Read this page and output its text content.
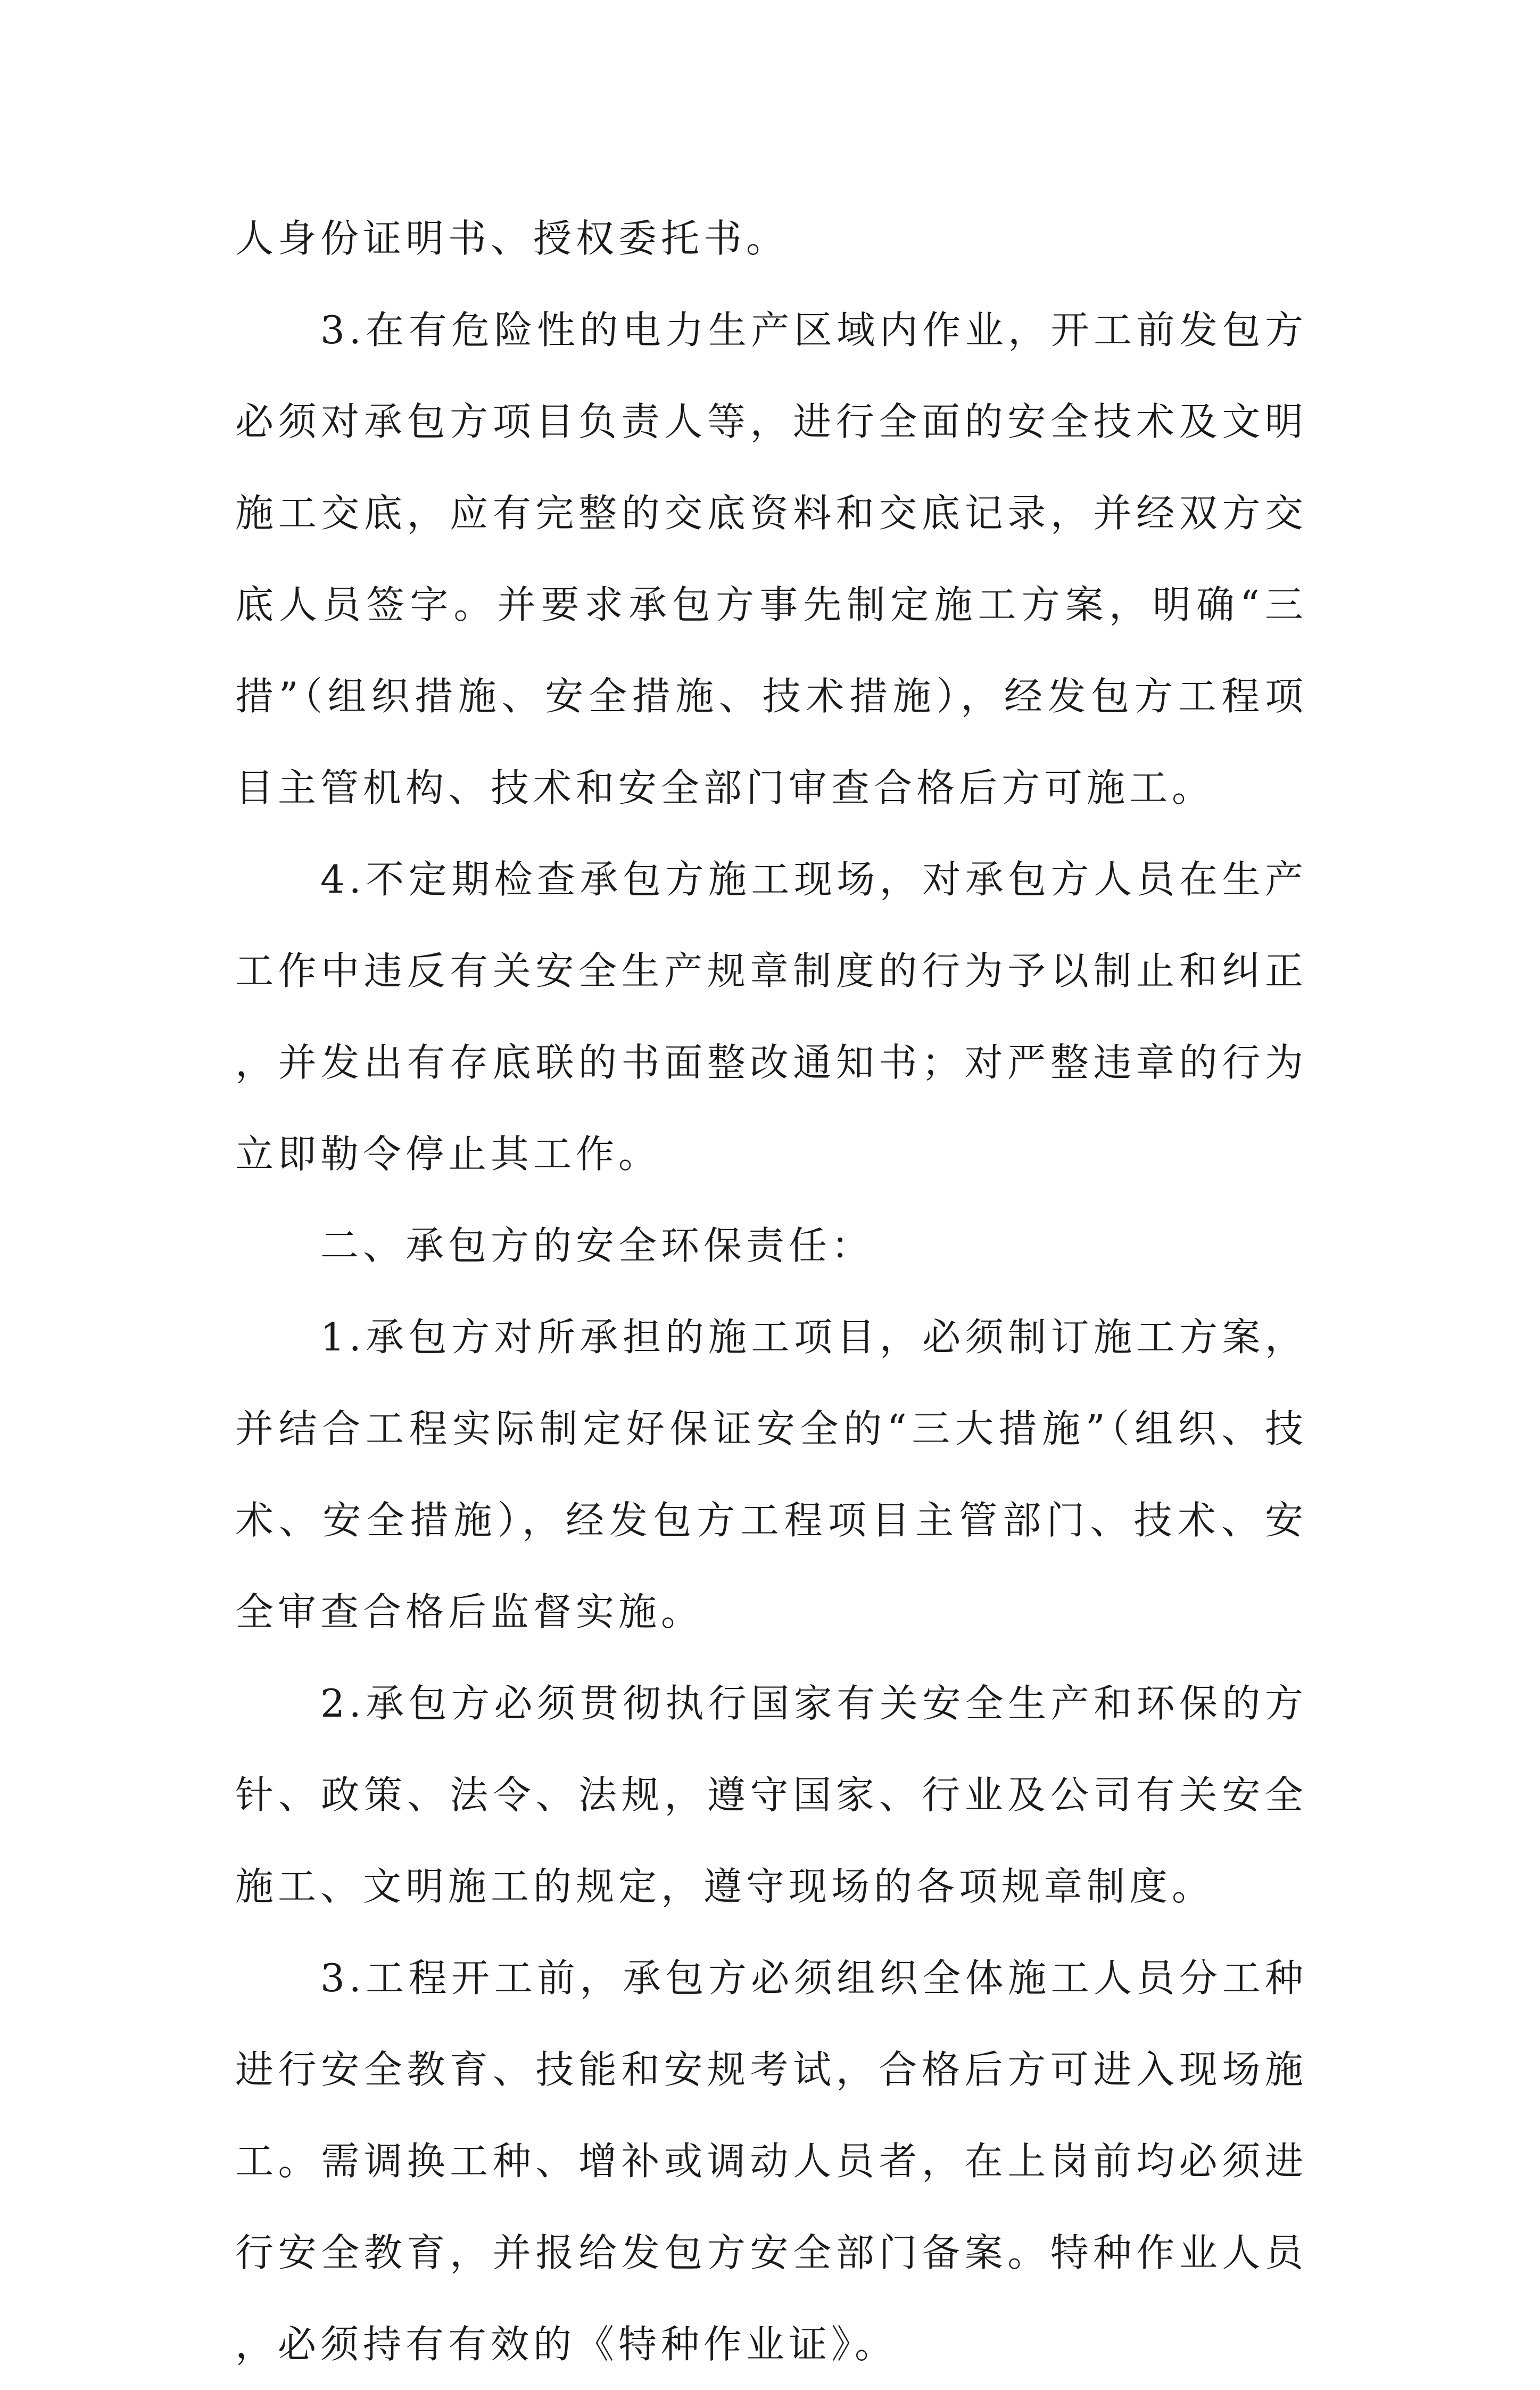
人身份证明书、授权委托书。

3.在有危险性的电力生产区域内作业，开工前发包方必须对承包方项目负责人等，进行全面的安全技术及文明施工交底，应有完整的交底资料和交底记录，并经双方交底人员签字。并要求承包方事先制定施工方案，明确“三措”（组织措施、安全措施、技术措施），经发包方工程项目主管机构、技术和安全部门审查合格后方可施工。

4.不定期检查承包方施工现场，对承包方人员在生产工作中违反有关安全生产规章制度的行为予以制止和纠正，并发出有存底联的书面整改通知书；对严整违章的行为立即勒令停止其工作。

二、承包方的安全环保责任：

1.承包方对所承担的施工项目，必须制订施工方案，并结合工程实际制定好保证安全的“三大措施”（组织、技术、安全措施），经发包方工程项目主管部门、技术、安全审查合格后监督实施。

2.承包方必须贯彻执行国家有关安全生产和环保的方针、政策、法令、法规，遵守国家、行业及公司有关安全施工、文明施工的规定，遵守现场的各项规章制度。

3.工程开工前，承包方必须组织全体施工人员分工种进行安全教育、技能和安规考试，合格后方可进入现场施工。需调换工种、增补或调动人员者，在上岗前均必须进行安全教育，并报给发包方安全部门备案。特种作业人员，必须持有有效的《特种作业证》。
